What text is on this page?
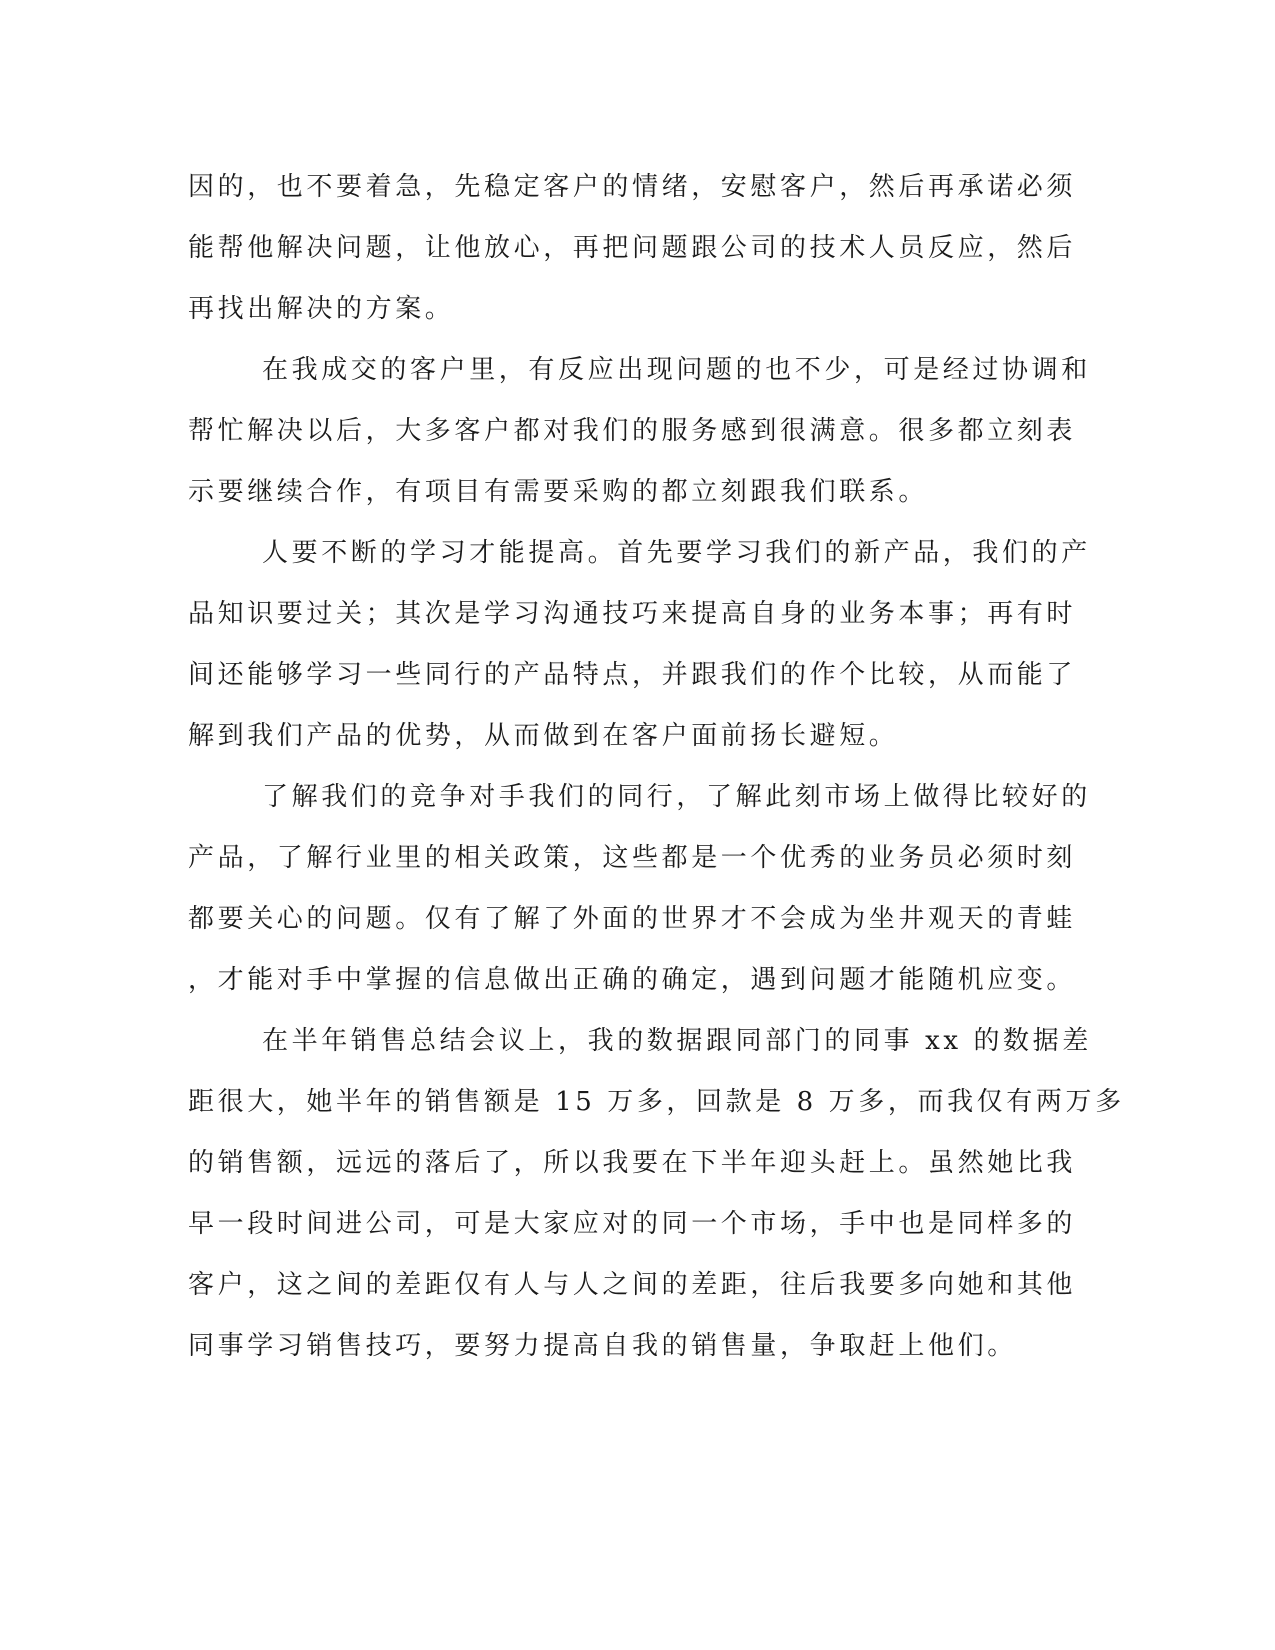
因的，也不要着急，先稳定客户的情绪，安慰客户，然后再承诺必须
能帮他解决问题，让他放心，再把问题跟公司的技术人员反应，然后
再找出解决的方案。
在我成交的客户里，有反应出现问题的也不少，可是经过协调和
帮忙解决以后，大多客户都对我们的服务感到很满意。很多都立刻表
示要继续合作，有项目有需要采购的都立刻跟我们联系。
人要不断的学习才能提高。首先要学习我们的新产品，我们的产
品知识要过关；其次是学习沟通技巧来提高自身的业务本事；再有时
间还能够学习一些同行的产品特点，并跟我们的作个比较，从而能了
解到我们产品的优势，从而做到在客户面前扬长避短。
了解我们的竞争对手我们的同行，了解此刻市场上做得比较好的
产品，了解行业里的相关政策，这些都是一个优秀的业务员必须时刻
都要关心的问题。仅有了解了外面的世界才不会成为坐井观天的青蛙
，才能对手中掌握的信息做出正确的确定，遇到问题才能随机应变。
在半年销售总结会议上，我的数据跟同部门的同事 xx 的数据差
距很大，她半年的销售额是 15 万多，回款是 8 万多，而我仅有两万多
的销售额，远远的落后了，所以我要在下半年迎头赶上。虽然她比我
早一段时间进公司，可是大家应对的同一个市场，手中也是同样多的
客户，这之间的差距仅有人与人之间的差距，往后我要多向她和其他
同事学习销售技巧，要努力提高自我的销售量，争取赶上他们。
